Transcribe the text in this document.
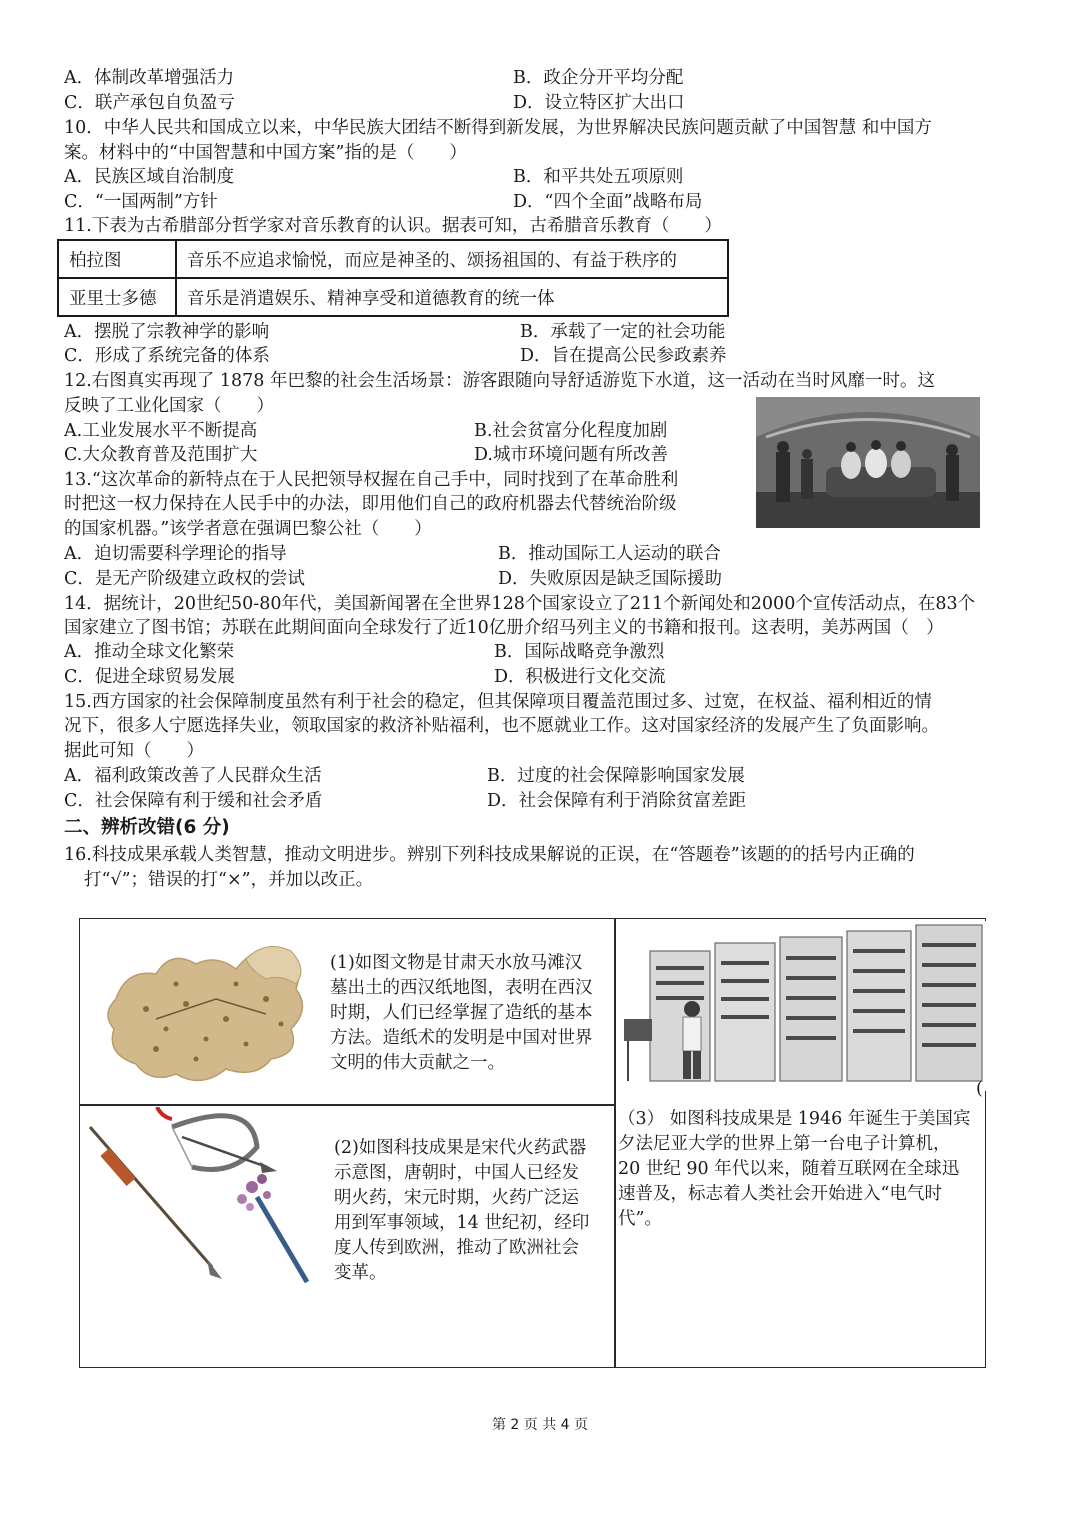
A．体制改革增强活力	B．政企分开平均分配
C．联产承包自负盈亏	D．设立特区扩大出口
10．中华人民共和国成立以来，中华民族大团结不断得到新发展，为世界解决民族问题贡献了中国智慧 和中国方
案。材料中的“中国智慧和中国方案”指的是（　　）
A．民族区域自治制度	B．和平共处五项原则
C．“一国两制”方针	D．“四个全面”战略布局
11.下表为古希腊部分哲学家对音乐教育的认识。据表可知，古希腊音乐教育（　　）
柏拉图	音乐不应追求愉悦，而应是神圣的、颂扬祖国的、有益于秩序的
亚里士多德	音乐是消遣娱乐、精神享受和道德教育的统一体
A．摆脱了宗教神学的影响	B．承载了一定的社会功能
C．形成了系统完备的体系	D．旨在提高公民参政素养
12.右图真实再现了 1878 年巴黎的社会生活场景：游客跟随向导舒适游览下水道，这一活动在当时风靡一时。这
反映了工业化国家（　　）
A.工业发展水平不断提高	B.社会贫富分化程度加剧
C.大众教育普及范围扩大	D.城市环境问题有所改善
13.“这次革命的新特点在于人民把领导权握在自己手中，同时找到了在革命胜利
时把这一权力保持在人民手中的办法，即用他们自己的政府机器去代替统治阶级
的国家机器。”该学者意在强调巴黎公社（　　）
A．迫切需要科学理论的指导	B．推动国际工人运动的联合
C．是无产阶级建立政权的尝试	D．失败原因是缺乏国际援助
14．据统计，20世纪50-80年代，美国新闻署在全世界128个国家设立了211个新闻处和2000个宣传活动点，在83个
国家建立了图书馆；苏联在此期间面向全球发行了近10亿册介绍马列主义的书籍和报刊。这表明，美苏两国（　）
A．推动全球文化繁荣	B．国际战略竞争激烈
C．促进全球贸易发展	D．积极进行文化交流
15.西方国家的社会保障制度虽然有利于社会的稳定，但其保障项目覆盖范围过多、过宽，在权益、福利相近的情
况下，很多人宁愿选择失业，领取国家的救济补贴福利，也不愿就业工作。这对国家经济的发展产生了负面影响。
据此可知（　　）
A．福利政策改善了人民群众生活	B．过度的社会保障影响国家发展
C．社会保障有利于缓和社会矛盾	D．社会保障有利于消除贫富差距
二、辨析改错(6 分)
16.科技成果承载人类智慧，推动文明进步。辨别下列科技成果解说的正误，在“答题卷”该题的的括号内正确的
打“√”；错误的打“×”，并加以改正。
(1)如图文物是甘肃天水放马滩汉
墓出土的西汉纸地图，表明在西汉
时期，人们已经掌握了造纸的基本
方法。造纸术的发明是中国对世界
文明的伟大贡献之一。
(2)如图科技成果是宋代火药武器
示意图，唐朝时，中国人已经发
明火药，宋元时期，火药广泛运
用到军事领域，14 世纪初，经印
度人传到欧洲，推动了欧洲社会
变革。
（3） 如图科技成果是 1946 年诞生于美国宾
夕法尼亚大学的世界上第一台电子计算机，
20 世纪 90 年代以来，随着互联网在全球迅
速普及，标志着人类社会开始进入“电气时
代”。
(
第 2 页 共 4 页
